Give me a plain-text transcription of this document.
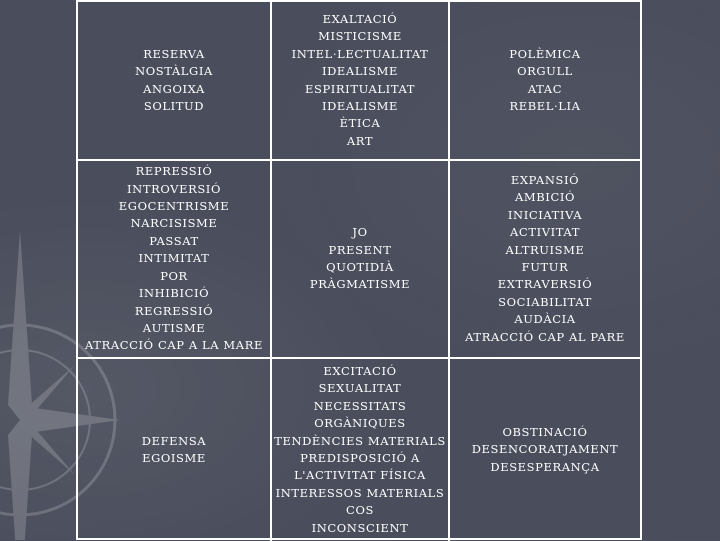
RESERVA
NOSTÀLGIA
ANGOIXA
SOLITUD
EXALTACIÓ
MISTICISME
INTEL·LECTUALITAT
IDEALISME
ESPIRITUALITAT
IDEALISME
ÈTICA
ART
POLÈMICA
ORGULL
ATAC
REBEL·LIA
REPRESSIÓ
INTROVERSIÓ
EGOCENTRISME
NARCISISME
PASSAT
INTIMITAT
POR
INHIBICIÓ
REGRESSIÓ
AUTISME
ATRACCIÓ CAP A LA MARE
JO
PRESENT
QUOTIDIÀ
PRÀGMATISME
EXPANSIÓ
AMBICIÓ
INICIATIVA
ACTIVITAT
ALTRUISME
FUTUR
EXTRAVERSIÓ
SOCIABILITAT
AUDÀCIA
ATRACCIÓ CAP AL PARE
DEFENSA
EGOISME
EXCITACIÓ
SEXUALITAT
NECESSITATS
ORGÀNIQUES
TENDÈNCIES MATERIALS
PREDISPOSICIÓ A
L'ACTIVITAT FÍSICA
INTERESSOS MATERIALS
COS
INCONSCIENT
OBSTINACIÓ
DESENCORATJAMENT
DESESPERANÇA
